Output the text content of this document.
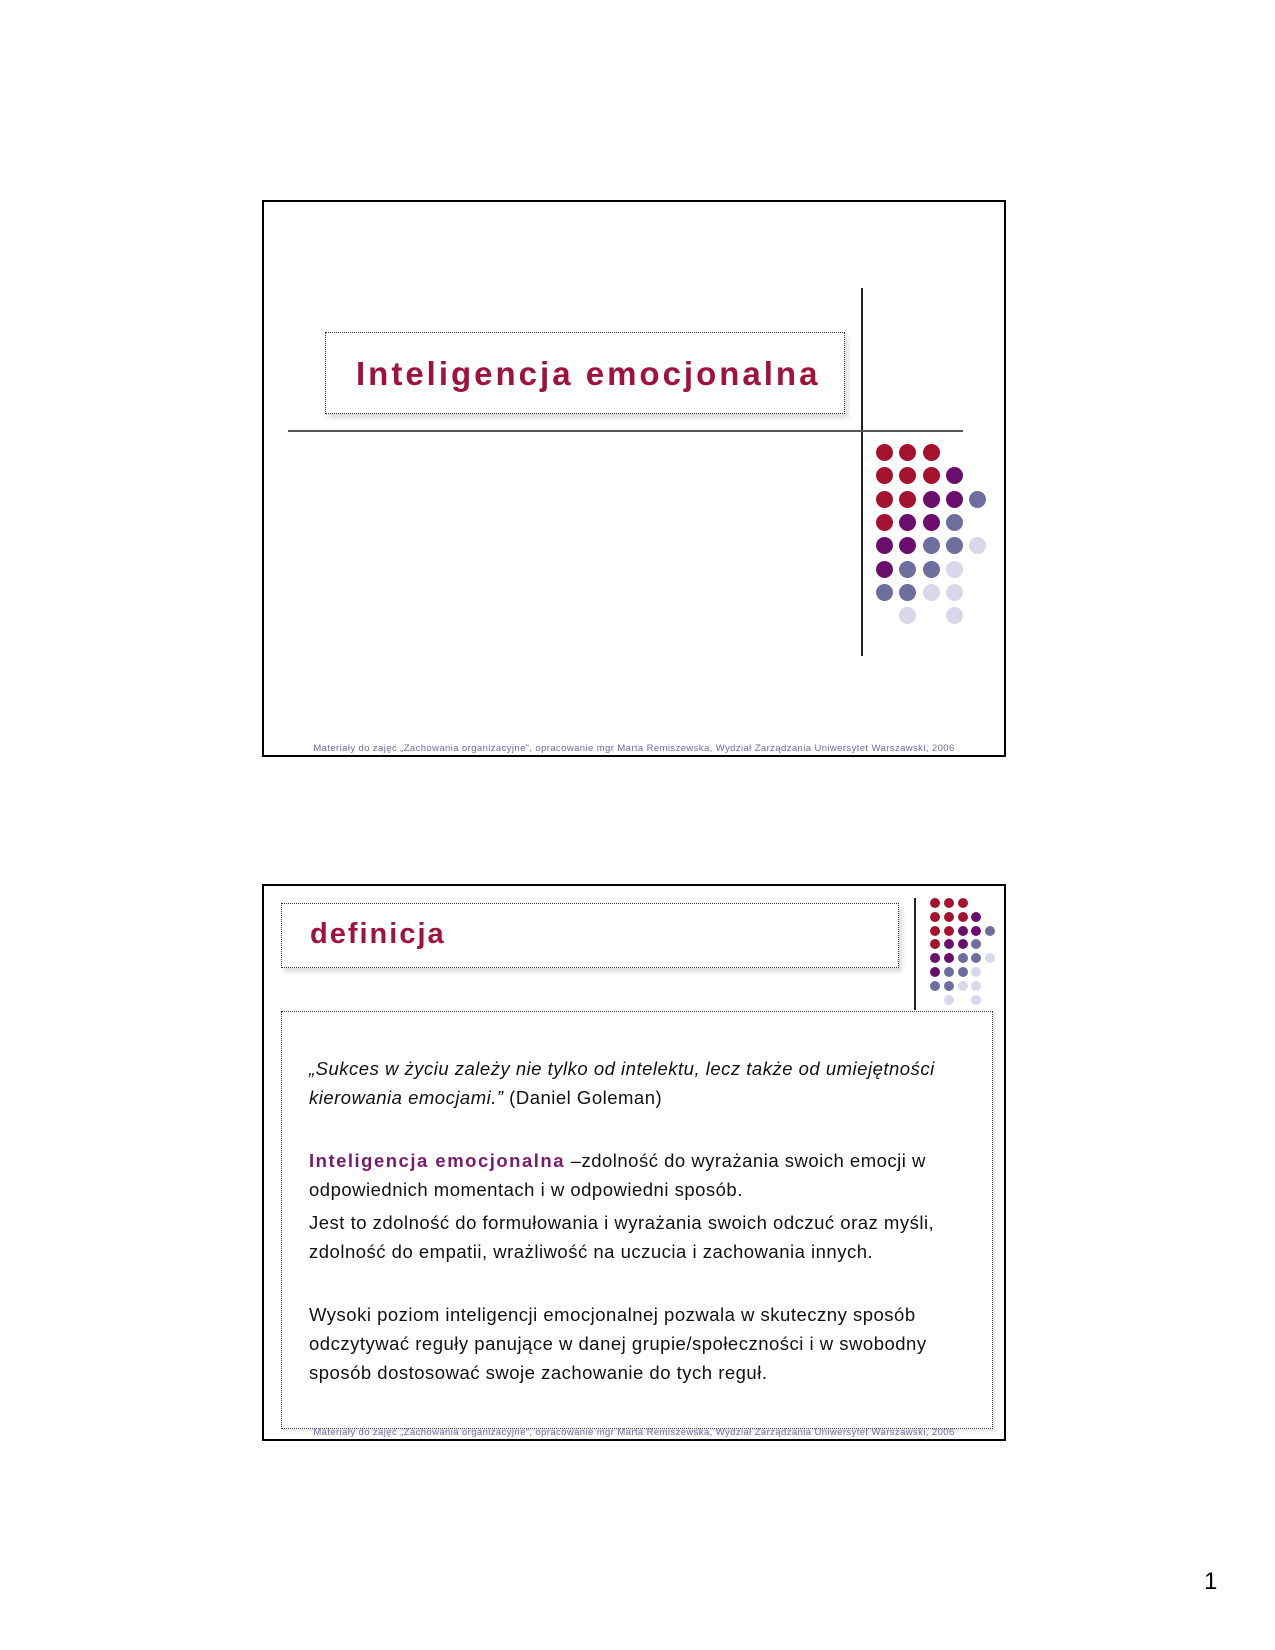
Inteligencja emocjonalna
Materiały do zajęć „Zachowania organizacyjne”, opracowanie mgr Marta Remiszewska, Wydział Zarządzania Uniwersytet Warszawski, 2006
definicja

„Sukces w życiu zależy nie tylko od intelektu, lecz także od umiejętności kierowania emocjami.” (Daniel Goleman)

Inteligencja emocjonalna –zdolność do wyrażania swoich emocji w odpowiednich momentach i w odpowiedni sposób.

Jest to zdolność do formułowania i wyrażania swoich odczuć oraz myśli, zdolność do empatii, wrażliwość na uczucia i zachowania innych.

Wysoki poziom inteligencji emocjonalnej pozwala w skuteczny sposób odczytywać reguły panujące w danej grupie/społeczności i w swobodny sposób dostosować swoje zachowanie do tych reguł.

Materiały do zajęć „Zachowania organizacyjne”, opracowanie mgr Marta Remiszewska, Wydział Zarządzania Uniwersytet Warszawski, 2006
1
